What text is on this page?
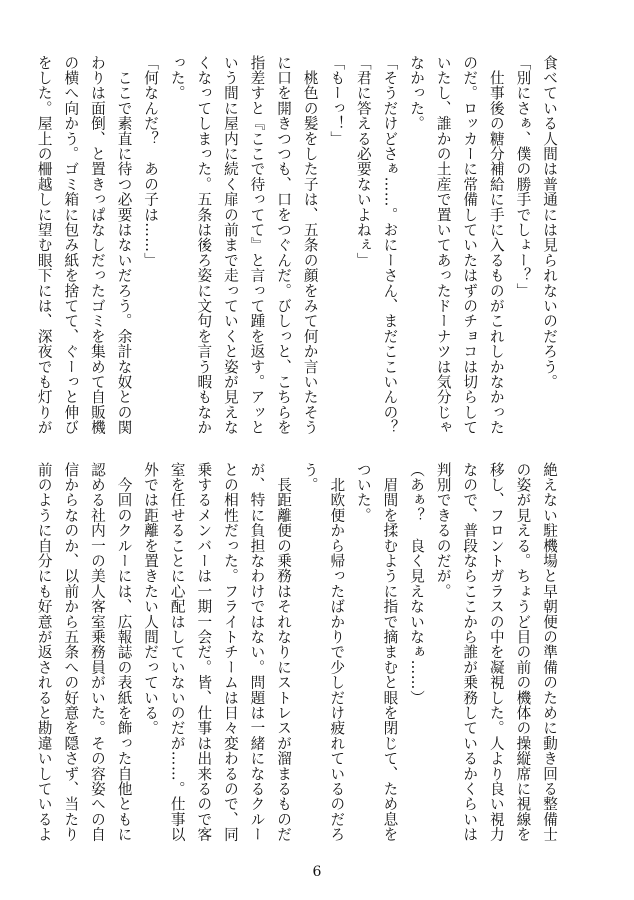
食べている人間は普通には見られないのだろう。
「別にさぁ、僕の勝手でしょー？」
　仕事後の糖分補給に手に入るものがこれしかなかった
のだ。ロッカーに常備していたはずのチョコは切らして
いたし、誰かの土産で置いてあったドーナツは気分じゃ
なかった。
「そうだけどさぁ……。おにーさん、まだここいんの？
「君に答える必要ないよねぇ」
「もーっ！」
　桃色の髪をした子は、五条の顔をみて何か言いたそう
に口を開きつつも、口をつぐんだ。びしっと、こちらを
指差すと『ここで待ってて』と言って踵を返す。アッと
いう間に屋内に続く扉の前まで走っていくと姿が見えな
くなってしまった。五条は後ろ姿に文句を言う暇もなか
った。
「何なんだ？　あの子は……」
　ここで素直に待つ必要はないだろう。余計な奴との関
わりは面倒、と置きっぱなしだったゴミを集めて自販機
の横へ向かう。ゴミ箱に包み紙を捨てて、ぐーっと伸び
をした。屋上の柵越しに望む眼下には、深夜でも灯りが
絶えない駐機場と早朝便の準備のために動き回る整備士
の姿が見える。ちょうど目の前の機体の操縦席に視線を
移し、フロントガラスの中を凝視した。人より良い視力
なので、普段ならここから誰が乗務しているかくらいは
判別できるのだが。
（あぁ？　良く見えないなぁ……）
　眉間を揉むように指で摘まむと眼を閉じて、ため息を
ついた。
　北欧便から帰ったばかりで少しだけ疲れているのだろ
う。
　長距離便の乗務はそれなりにストレスが溜まるものだ
が、特に負担なわけではない。問題は一緒になるクルー
との相性だった。フライトチームは日々変わるので、同
乗するメンバーは一期一会だ。皆、仕事は出来るので客
室を任せることに心配はしていないのだが……。仕事以
外では距離を置きたい人間だっている。
　今回のクルーには、広報誌の表紙を飾った自他ともに
認める社内一の美人客室乗務員がいた。その容姿への自
信からなのか、以前から五条への好意を隠さず、当たり
前のように自分にも好意が返されると勘違いしているよ
6
